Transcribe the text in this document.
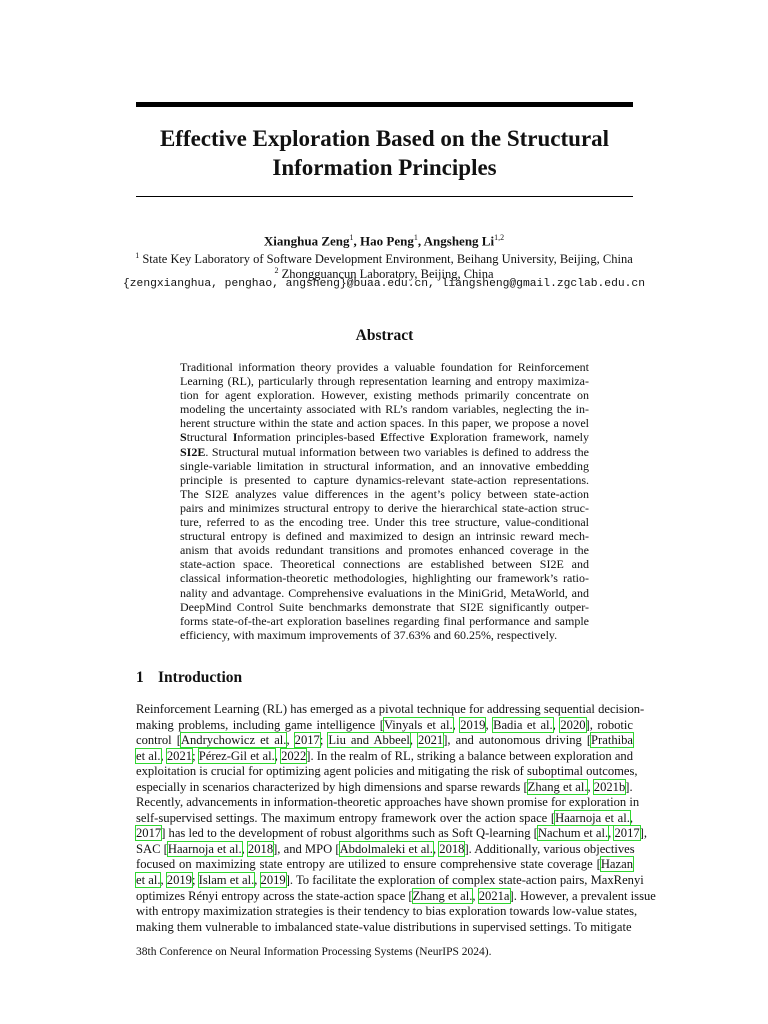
Effective Exploration Based on the Structural
Information Principles
Xianghua Zeng$^1$, Hao Peng$^1$, Angsheng Li$^{1,2}$
$^1$ State Key Laboratory of Software Development Environment, Beihang University, Beijing, China
$^2$ Zhongguancun Laboratory, Beijing, China
{zengxianghua, penghao, angsheng}@buaa.edu.cn, liangsheng@gmail.zgclab.edu.cn
Abstract
Traditional information theory provides a valuable foundation for Reinforcement
Learning (RL), particularly through representation learning and entropy maximiza-
tion for agent exploration. However, existing methods primarily concentrate on
modeling the uncertainty associated with RL’s random variables, neglecting the in-
herent structure within the state and action spaces. In this paper, we propose a novel
Structural Information principles-based Effective Exploration framework, namely
SI2E. Structural mutual information between two variables is defined to address the
single-variable limitation in structural information, and an innovative embedding
principle is presented to capture dynamics-relevant state-action representations.
The SI2E analyzes value differences in the agent’s policy between state-action
pairs and minimizes structural entropy to derive the hierarchical state-action struc-
ture, referred to as the encoding tree. Under this tree structure, value-conditional
structural entropy is defined and maximized to design an intrinsic reward mech-
anism that avoids redundant transitions and promotes enhanced coverage in the
state-action space. Theoretical connections are established between SI2E and
classical information-theoretic methodologies, highlighting our framework’s ratio-
nality and advantage. Comprehensive evaluations in the MiniGrid, MetaWorld, and
DeepMind Control Suite benchmarks demonstrate that SI2E significantly outper-
forms state-of-the-art exploration baselines regarding final performance and sample
efficiency, with maximum improvements of 37.63% and 60.25%, respectively.
1 Introduction
Reinforcement Learning (RL) has emerged as a pivotal technique for addressing sequential decision-
making problems, including game intelligence [Vinyals et al., 2019, Badia et al., 2020], robotic
control [Andrychowicz et al., 2017; Liu and Abbeel, 2021], and autonomous driving [Prathiba
et al., 2021; Pérez-Gil et al., 2022]. In the realm of RL, striking a balance between exploration and
exploitation is crucial for optimizing agent policies and mitigating the risk of suboptimal outcomes,
especially in scenarios characterized by high dimensions and sparse rewards [Zhang et al., 2021b].
Recently, advancements in information-theoretic approaches have shown promise for exploration in
self-supervised settings. The maximum entropy framework over the action space [Haarnoja et al.,
2017] has led to the development of robust algorithms such as Soft Q-learning [Nachum et al., 2017],
SAC [Haarnoja et al., 2018], and MPO [Abdolmaleki et al., 2018]. Additionally, various objectives
focused on maximizing state entropy are utilized to ensure comprehensive state coverage [Hazan
et al., 2019; Islam et al., 2019]. To facilitate the exploration of complex state-action pairs, MaxRenyi
optimizes Rényi entropy across the state-action space [Zhang et al., 2021a]. However, a prevalent issue
with entropy maximization strategies is their tendency to bias exploration towards low-value states,
making them vulnerable to imbalanced state-value distributions in supervised settings. To mitigate
38th Conference on Neural Information Processing Systems (NeurIPS 2024).
